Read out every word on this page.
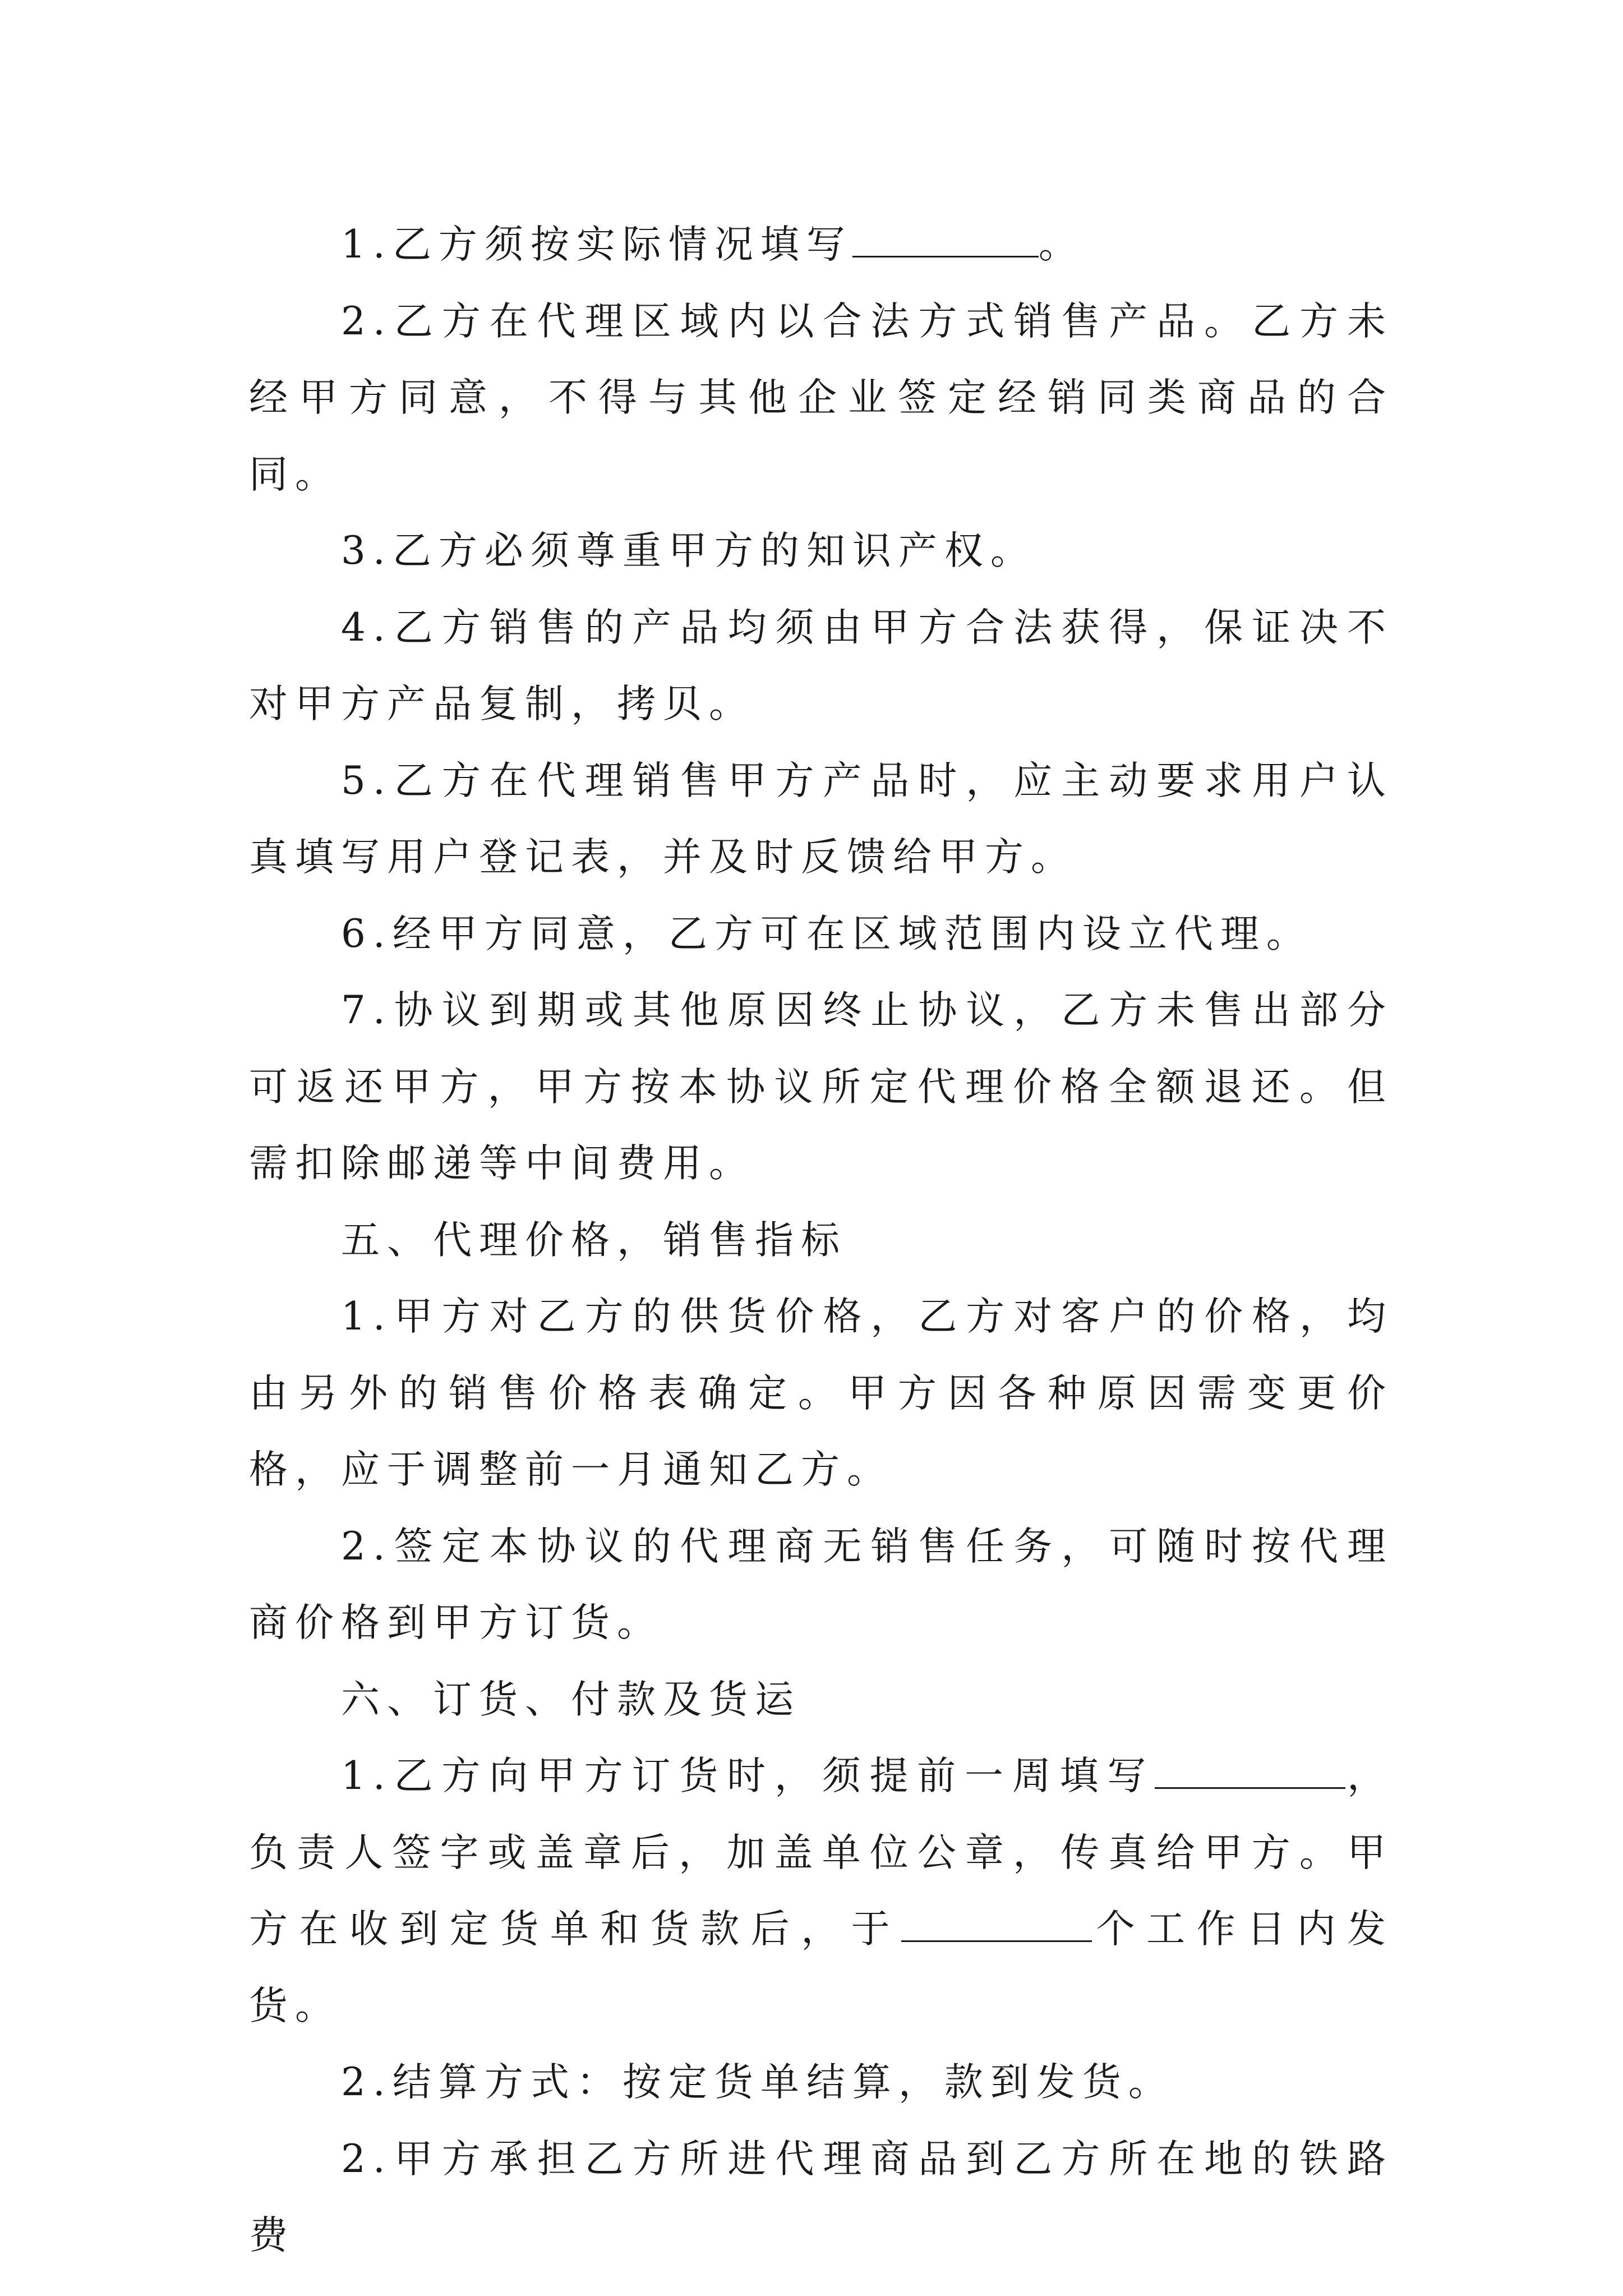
1.乙方须按实际情况填写	。

2.乙方在代理区域内以合法方式销售产品。乙方未经甲方同意，不得与其他企业签定经销同类商品的合同。

3.乙方必须尊重甲方的知识产权。

4.乙方销售的产品均须由甲方合法获得，保证决不对甲方产品复制，拷贝。

5.乙方在代理销售甲方产品时，应主动要求用户认真填写用户登记表，并及时反馈给甲方。

6.经甲方同意，乙方可在区域范围内设立代理。

7.协议到期或其他原因终止协议，乙方未售出部分可返还甲方，甲方按本协议所定代理价格全额退还。但需扣除邮递等中间费用。

五、代理价格，销售指标

1.甲方对乙方的供货价格，乙方对客户的价格，均由另外的销售价格表确定。甲方因各种原因需变更价格，应于调整前一月通知乙方。

2.签定本协议的代理商无销售任务，可随时按代理商价格到甲方订货。

六、订货、付款及货运

1.乙方向甲方订货时，须提前一周填写	，负责人签字或盖章后，加盖单位公章，传真给甲方。甲方在收到定货单和货款后，于	个工作日内发货。

2.结算方式：按定货单结算，款到发货。

2.甲方承担乙方所进代理商品到乙方所在地的铁路费
